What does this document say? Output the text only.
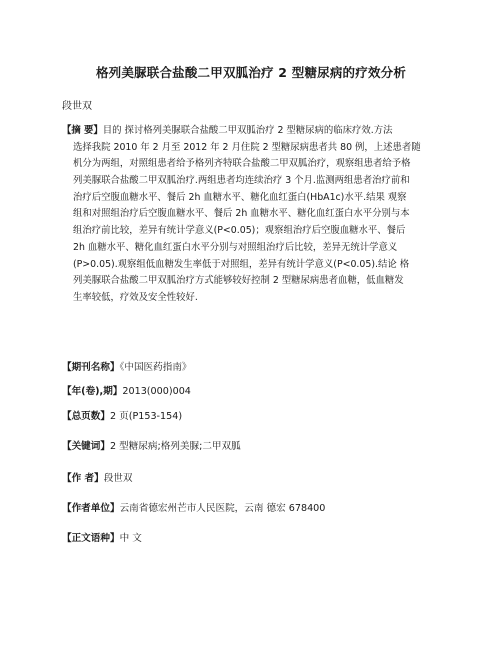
格列美脲联合盐酸二甲双胍治疗 2 型糖尿病的疗效分析
段世双
【摘 要】目的 探讨格列美脲联合盐酸二甲双胍治疗 2 型糖尿病的临床疗效.方法
选择我院 2010 年 2 月至 2012 年 2 月住院 2 型糖尿病患者共 80 例，上述患者随
机分为两组，对照组患者给予格列齐特联合盐酸二甲双胍治疗，观察组患者给予格
列美脲联合盐酸二甲双胍治疗.两组患者均连续治疗 3 个月.监测两组患者治疗前和
治疗后空腹血糖水平、餐后 2h 血糖水平、糖化血红蛋白(HbA1c)水平.结果 观察
组和对照组治疗后空腹血糖水平、餐后 2h 血糖水平、糖化血红蛋白水平分别与本
组治疗前比较，差异有统计学意义(P<0.05)；观察组治疗后空腹血糖水平、餐后
2h 血糖水平、糖化血红蛋白水平分别与对照组治疗后比较，差异无统计学意义
(P>0.05).观察组低血糖发生率低于对照组，差异有统计学意义(P<0.05).结论 格
列美脲联合盐酸二甲双胍治疗方式能够较好控制 2 型糖尿病患者血糖，低血糖发
生率较低，疗效及安全性较好.
【期刊名称】《中国医药指南》
【年(卷),期】2013(000)004
【总页数】2 页(P153-154)
【关键词】2 型糖尿病;格列美脲;二甲双胍
【作 者】段世双
【作者单位】云南省德宏州芒市人民医院，云南 德宏 678400
【正文语种】中 文
